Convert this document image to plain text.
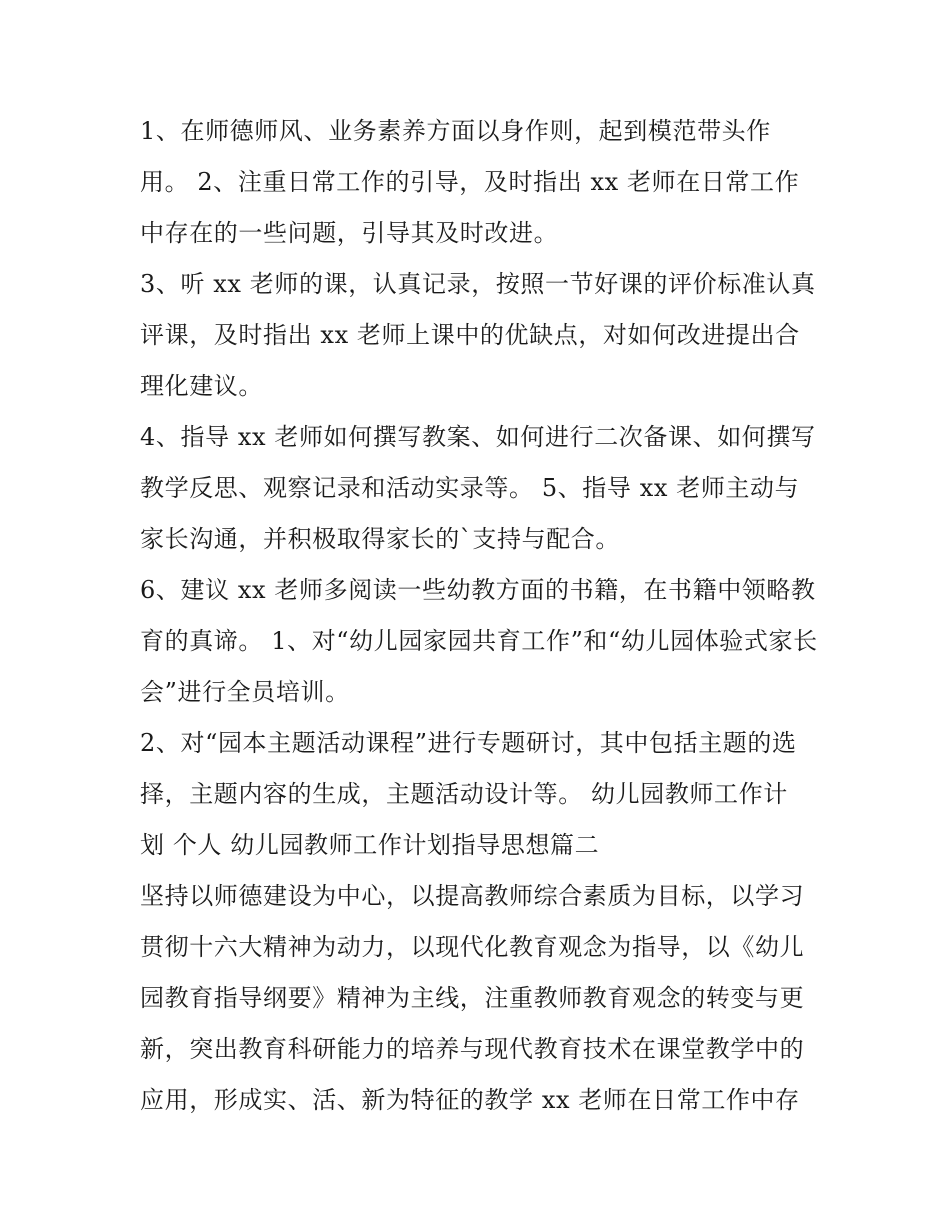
1、在师德师风、业务素养方面以身作则，起到模范带头作
用。 2、注重日常工作的引导，及时指出 xx 老师在日常工作
中存在的一些问题，引导其及时改进。

3、听 xx 老师的课，认真记录，按照一节好课的评价标准认真
评课，及时指出 xx 老师上课中的优缺点，对如何改进提出合
理化建议。

4、指导 xx 老师如何撰写教案、如何进行二次备课、如何撰写
教学反思、观察记录和活动实录等。 5、指导 xx 老师主动与
家长沟通，并积极取得家长的`支持与配合。

6、建议 xx 老师多阅读一些幼教方面的书籍，在书籍中领略教
育的真谛。 1、对“幼儿园家园共育工作”和“幼儿园体验式家长
会”进行全员培训。

2、对“园本主题活动课程”进行专题研讨，其中包括主题的选
择，主题内容的生成，主题活动设计等。 幼儿园教师工作计
划 个人 幼儿园教师工作计划指导思想篇二

坚持以师德建设为中心，以提高教师综合素质为目标，以学习
贯彻十六大精神为动力，以现代化教育观念为指导，以《幼儿
园教育指导纲要》精神为主线，注重教师教育观念的转变与更
新，突出教育科研能力的培养与现代教育技术在课堂教学中的
应用，形成实、活、新为特征的教学 xx 老师在日常工作中存
